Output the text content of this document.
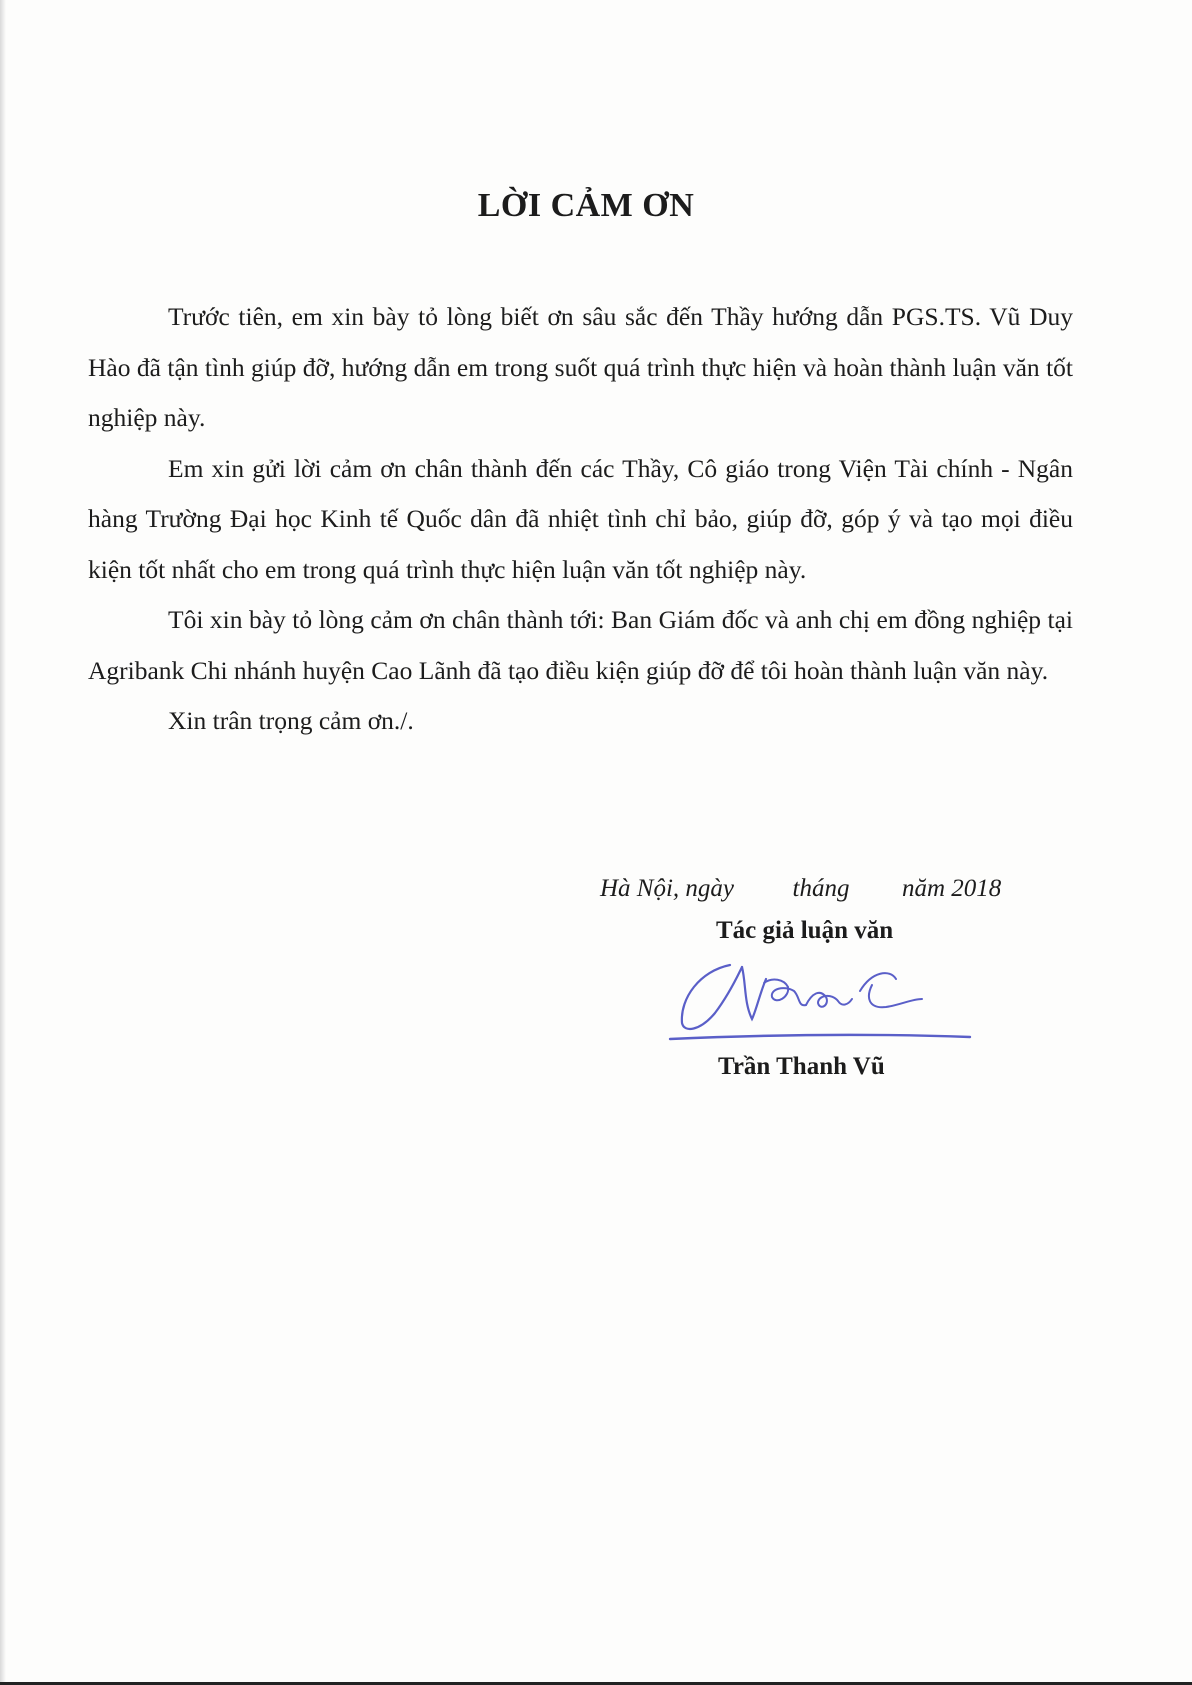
LỜI CẢM ƠN

Trước tiên, em xin bày tỏ lòng biết ơn sâu sắc đến Thầy hướng dẫn PGS.TS. Vũ Duy Hào đã tận tình giúp đỡ, hướng dẫn em trong suốt quá trình thực hiện và hoàn thành luận văn tốt nghiệp này.

Em xin gửi lời cảm ơn chân thành đến các Thầy, Cô giáo trong Viện Tài chính - Ngân hàng Trường Đại học Kinh tế Quốc dân đã nhiệt tình chỉ bảo, giúp đỡ, góp ý và tạo mọi điều kiện tốt nhất cho em trong quá trình thực hiện luận văn tốt nghiệp này.

Tôi xin bày tỏ lòng cảm ơn chân thành tới: Ban Giám đốc và anh chị em đồng nghiệp tại Agribank Chi nhánh huyện Cao Lãnh đã tạo điều kiện giúp đỡ để tôi hoàn thành luận văn này.

Xin trân trọng cảm ơn./.

Hà Nội, ngày tháng năm 2018
Tác giả luận văn
Trần Thanh Vũ
